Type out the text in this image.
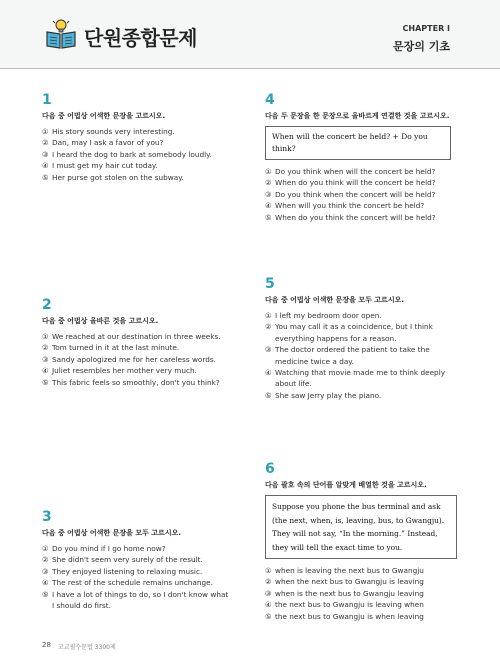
단원종합문제	CHAPTER I
문장의 기초
1
다음 중 어법상 어색한 문장을 고르시오.
① His story sounds very interesting.
② Dan, may I ask a favor of you?
③ I heard the dog to bark at somebody loudly.
④ I must get my hair cut today.
⑤ Her purse got stolen on the subway.
2
다음 중 어법상 올바른 것을 고르시오.
① We reached at our destination in three weeks.
② Tom turned in it at the last minute.
③ Sandy apologized me for her careless words.
④ Juliet resembles her mother very much.
⑤ This fabric feels so smoothly, don't you think?
3
다음 중 어법상 어색한 문장을 모두 고르시오.
① Do you mind if I go home now?
② She didn't seem very surely of the result.
③ They enjoyed listening to relaxing music.
④ The rest of the schedule remains unchange.
⑤ I have a lot of things to do, so I don't know what I should do first.
4
다음 두 문장을 한 문장으로 올바르게 연결한 것을 고르시오.
When will the concert be held? + Do you think?
① Do you think when will the concert be held?
② When do you think will the concert be held?
③ Do you think when the concert will be held?
④ When will you think the concert be held?
⑤ When do you think the concert will be held?
5
다음 중 어법상 어색한 문장을 모두 고르시오.
① I left my bedroom door open.
② You may call it as a coincidence, but I think everything happens for a reason.
③ The doctor ordered the patient to take the medicine twice a day.
④ Watching that movie made me to think deeply about life.
⑤ She saw Jerry play the piano.
6
다음 괄호 속의 단어를 알맞게 배열한 것을 고르시오.
Suppose you phone the bus terminal and ask (the next, when, is, leaving, bus, to Gwangju). They will not say, “In the morning.” Instead, they will tell the exact time to you.
① when is leaving the next bus to Gwangju
② when the next bus to Gwangju is leaving
③ when is the next bus to Gwangju leaving
④ the next bus to Gwangju is leaving when
⑤ the next bus to Gwangju is when leaving
28 고교필수문법 3300제
